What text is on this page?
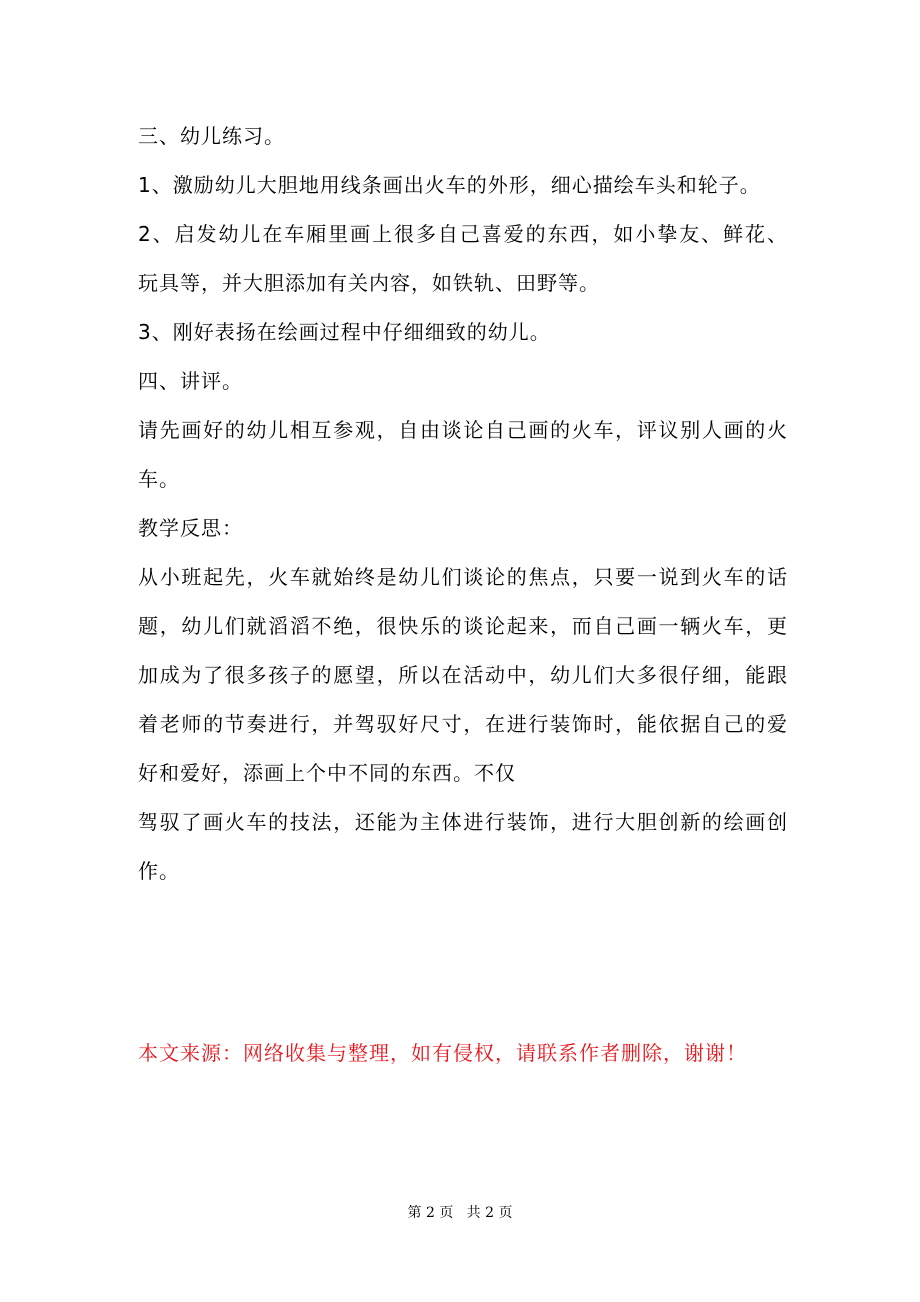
三、幼儿练习。
1、激励幼儿大胆地用线条画出火车的外形，细心描绘车头和轮子。
2、启发幼儿在车厢里画上很多自己喜爱的东西，如小挚友、鲜花、
玩具等，并大胆添加有关内容，如铁轨、田野等。
3、刚好表扬在绘画过程中仔细细致的幼儿。
四、讲评。
请先画好的幼儿相互参观，自由谈论自己画的火车，评议别人画的火
车。
教学反思：
从小班起先，火车就始终是幼儿们谈论的焦点，只要一说到火车的话
题，幼儿们就滔滔不绝，很快乐的谈论起来，而自己画一辆火车，更
加成为了很多孩子的愿望，所以在活动中，幼儿们大多很仔细，能跟
着老师的节奏进行，并驾驭好尺寸，在进行装饰时，能依据自己的爱
好和爱好，添画上个中不同的东西。不仅
驾驭了画火车的技法，还能为主体进行装饰，进行大胆创新的绘画创
作。
本文来源：网络收集与整理，如有侵权，请联系作者删除，谢谢！
第 2 页   共 2 页
